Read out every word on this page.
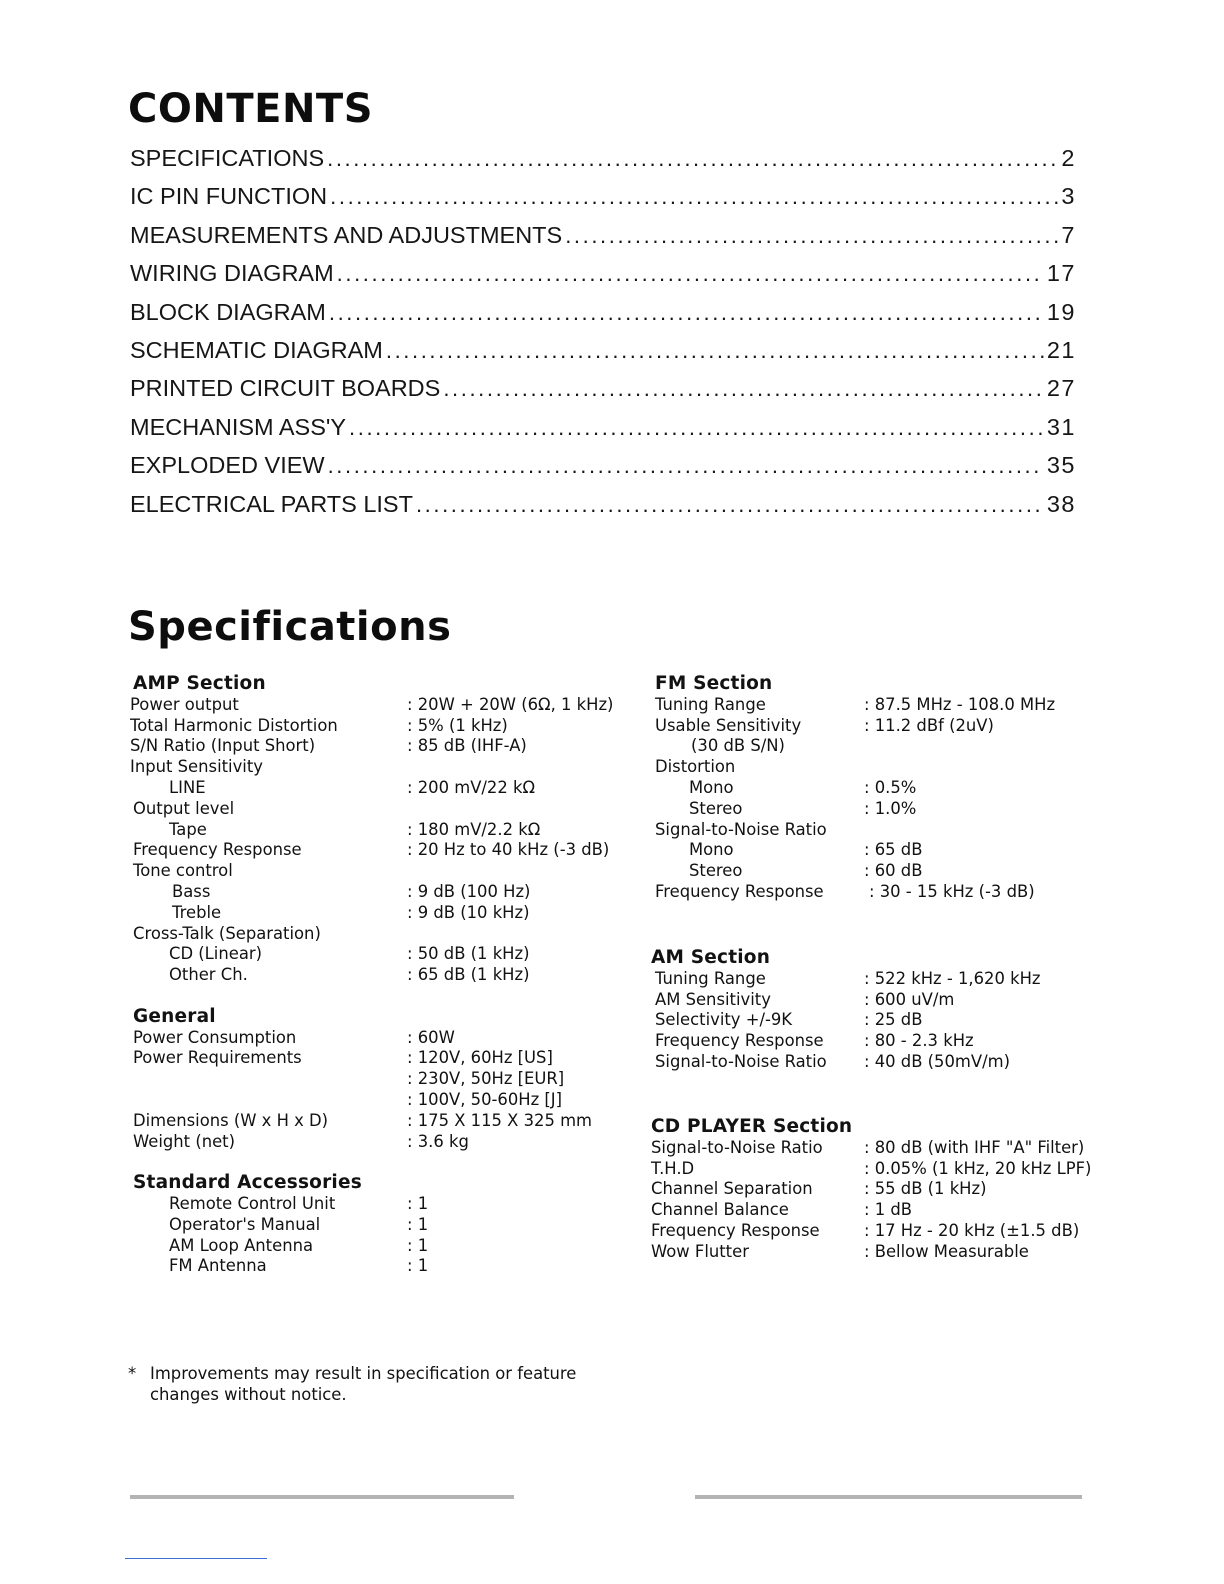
CONTENTS
SPECIFICATIONS .....	2
IC PIN FUNCTION .....	3
MEASUREMENTS AND ADJUSTMENTS .....	7
WIRING DIAGRAM .....	17
BLOCK DIAGRAM .....	19
SCHEMATIC DIAGRAM .....	21
PRINTED CIRCUIT BOARDS .....	27
MECHANISM ASS'Y .....	31
EXPLODED VIEW .....	35
ELECTRICAL PARTS LIST .....	38
Specifications
AMP Section
Power output	: 20W + 20W (6Ω, 1 kHz)
Total Harmonic Distortion	: 5% (1 kHz)
S/N Ratio (Input Short)	: 85 dB (IHF-A)
Input Sensitivity
LINE	: 200 mV/22 kΩ
Output level
Tape	: 180 mV/2.2 kΩ
Frequency Response	: 20 Hz to 40 kHz (-3 dB)
Tone control
Bass	: 9 dB (100 Hz)
Treble	: 9 dB (10 kHz)
Cross-Talk (Separation)
CD (Linear)	: 50 dB (1 kHz)
Other Ch.	: 65 dB (1 kHz)
General
Power Consumption	: 60W
Power Requirements	: 120V, 60Hz [US]
: 230V, 50Hz [EUR]
: 100V, 50-60Hz [J]
Dimensions (W x H x D)	: 175 X 115 X 325 mm
Weight (net)	: 3.6 kg
Standard Accessories
Remote Control Unit	: 1
Operator's Manual	: 1
AM Loop Antenna	: 1
FM Antenna	: 1
FM Section
Tuning Range	: 87.5 MHz - 108.0 MHz
Usable Sensitivity	: 11.2 dBf (2uV)
(30 dB S/N)
Distortion
Mono	: 0.5%
Stereo	: 1.0%
Signal-to-Noise Ratio
Mono	: 65 dB
Stereo	: 60 dB
Frequency Response	: 30 - 15 kHz (-3 dB)
AM Section
Tuning Range	: 522 kHz - 1,620 kHz
AM Sensitivity	: 600 uV/m
Selectivity +/-9K	: 25 dB
Frequency Response : 80 - 2.3 kHz
Signal-to-Noise Ratio : 40 dB (50mV/m)
CD PLAYER Section
Signal-to-Noise Ratio	: 80 dB (with IHF "A" Filter)
T.H.D	: 0.05% (1 kHz, 20 kHz LPF)
Channel Separation	: 55 dB (1 kHz)
Channel Balance	: 1 dB
Frequency Response	: 17 Hz - 20 kHz (±1.5 dB)
Wow Flutter	: Bellow Measurable
* Improvements may result in specification or feature
changes without notice.
